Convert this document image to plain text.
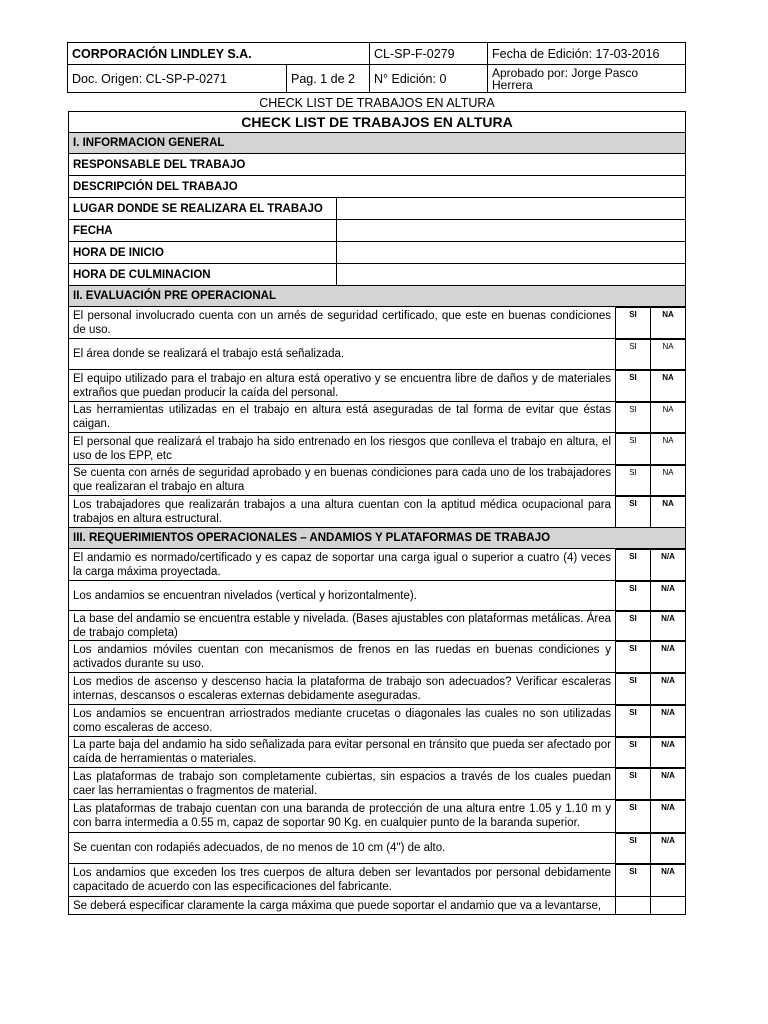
CORPORACIÓN LINDLEY S.A.		CL-SP-F-0279	Fecha de Edición: 17-03-2016
Doc. Origen: CL-SP-P-0271	Pag. 1 de 2	N° Edición: 0	Aprobado por: Jorge Pasco Herrera
CHECK LIST DE TRABAJOS EN ALTURA
CHECK LIST DE TRABAJOS EN ALTURA			
I. INFORMACION GENERAL			
RESPONSABLE DEL TRABAJO			
DESCRIPCIÓN DEL TRABAJO			
LUGAR DONDE SE REALIZARA EL TRABAJO			
FECHA			
HORA DE INICIO			
HORA DE CULMINACION			
II. EVALUACIÓN PRE OPERACIONAL			
El personal involucrado cuenta con un arnés de seguridad certificado, que este en buenas condiciones de uso.		SI	NA

El área donde se realizará el trabajo está señalizada.		SI	NA

El equipo utilizado para el trabajo en altura está operativo y se encuentra libre de daños y de materiales extraños que puedan producir la caída del personal.		SI	NA

Las herramientas utilizadas en el trabajo en altura está aseguradas de tal forma de evitar que éstas caigan.		SI	NA

El personal que realizará el trabajo ha sido entrenado en los riesgos que conlleva el trabajo en altura, el uso de los EPP, etc		SI	NA

Se cuenta con arnés de seguridad aprobado y en buenas condiciones para cada uno de los trabajadores que realizaran el trabajo en altura		SI	NA

Los trabajadores que realizarán trabajos a una altura cuentan con la aptitud médica ocupacional para trabajos en altura estructural.		SI	NA

III. REQUERIMIENTOS OPERACIONALES – ANDAMIOS Y PLATAFORMAS DE TRABAJO			
El andamio es normado/certificado y es capaz de soportar una carga igual o superior a cuatro (4) veces la carga máxima proyectada.		SI	N/A

Los andamios se encuentran nivelados (vertical y horizontalmente).		SI	N/A

La base del andamio se encuentra estable y nivelada. (Bases ajustables con plataformas metálicas. Área de trabajo completa)		SI	N/A

Los andamios móviles cuentan con mecanismos de frenos en las ruedas en buenas condiciones y activados durante su uso.		SI	N/A

Los medios de ascenso y descenso hacia la plataforma de trabajo son adecuados? Verificar escaleras internas, descansos o escaleras externas debidamente aseguradas.		SI	N/A

Los andamios se encuentran arriostrados mediante crucetas o diagonales las cuales no son utilizadas como escaleras de acceso.		SI	N/A

La parte baja del andamio ha sido señalizada para evitar personal en tránsito que pueda ser afectado por caída de herramientas o materiales.		SI	N/A

Las plataformas de trabajo son completamente cubiertas, sin espacios a través de los cuales puedan caer las herramientas o fragmentos de material.		SI	N/A

Las plataformas de trabajo cuentan con una baranda de protección de una altura entre 1.05 y 1.10 m y con barra intermedia a 0.55 m, capaz de soportar 90 Kg. en cualquier punto de la baranda superior.		SI	N/A

Se cuentan con rodapiés adecuados, de no menos de 10 cm (4") de alto.		SI	N/A

Los andamios que exceden los tres cuerpos de altura deben ser levantados por personal debidamente capacitado de acuerdo con las especificaciones del fabricante.		SI	N/A

Se deberá especificar claramente la carga máxima que puede soportar el andamio que va a levantarse,		
